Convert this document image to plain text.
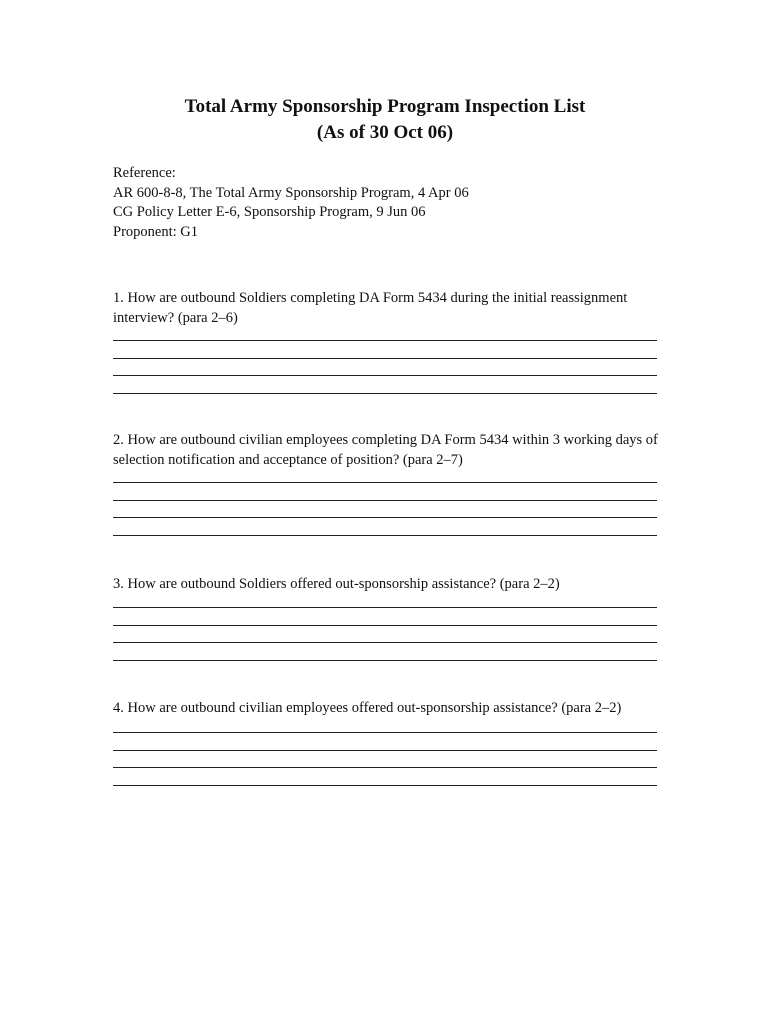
Total Army Sponsorship Program Inspection List
(As of 30 Oct 06)
Reference:
AR 600-8-8, The Total Army Sponsorship Program, 4 Apr 06
CG Policy Letter E-6, Sponsorship Program, 9 Jun 06
Proponent: G1
1. How are outbound Soldiers completing DA Form 5434 during the initial reassignment interview? (para 2–6)
2. How are outbound civilian employees completing DA Form 5434 within 3 working days of selection notification and acceptance of position? (para 2–7)
3. How are outbound Soldiers offered out-sponsorship assistance? (para 2–2)
4. How are outbound civilian employees offered out-sponsorship assistance? (para 2–2)
